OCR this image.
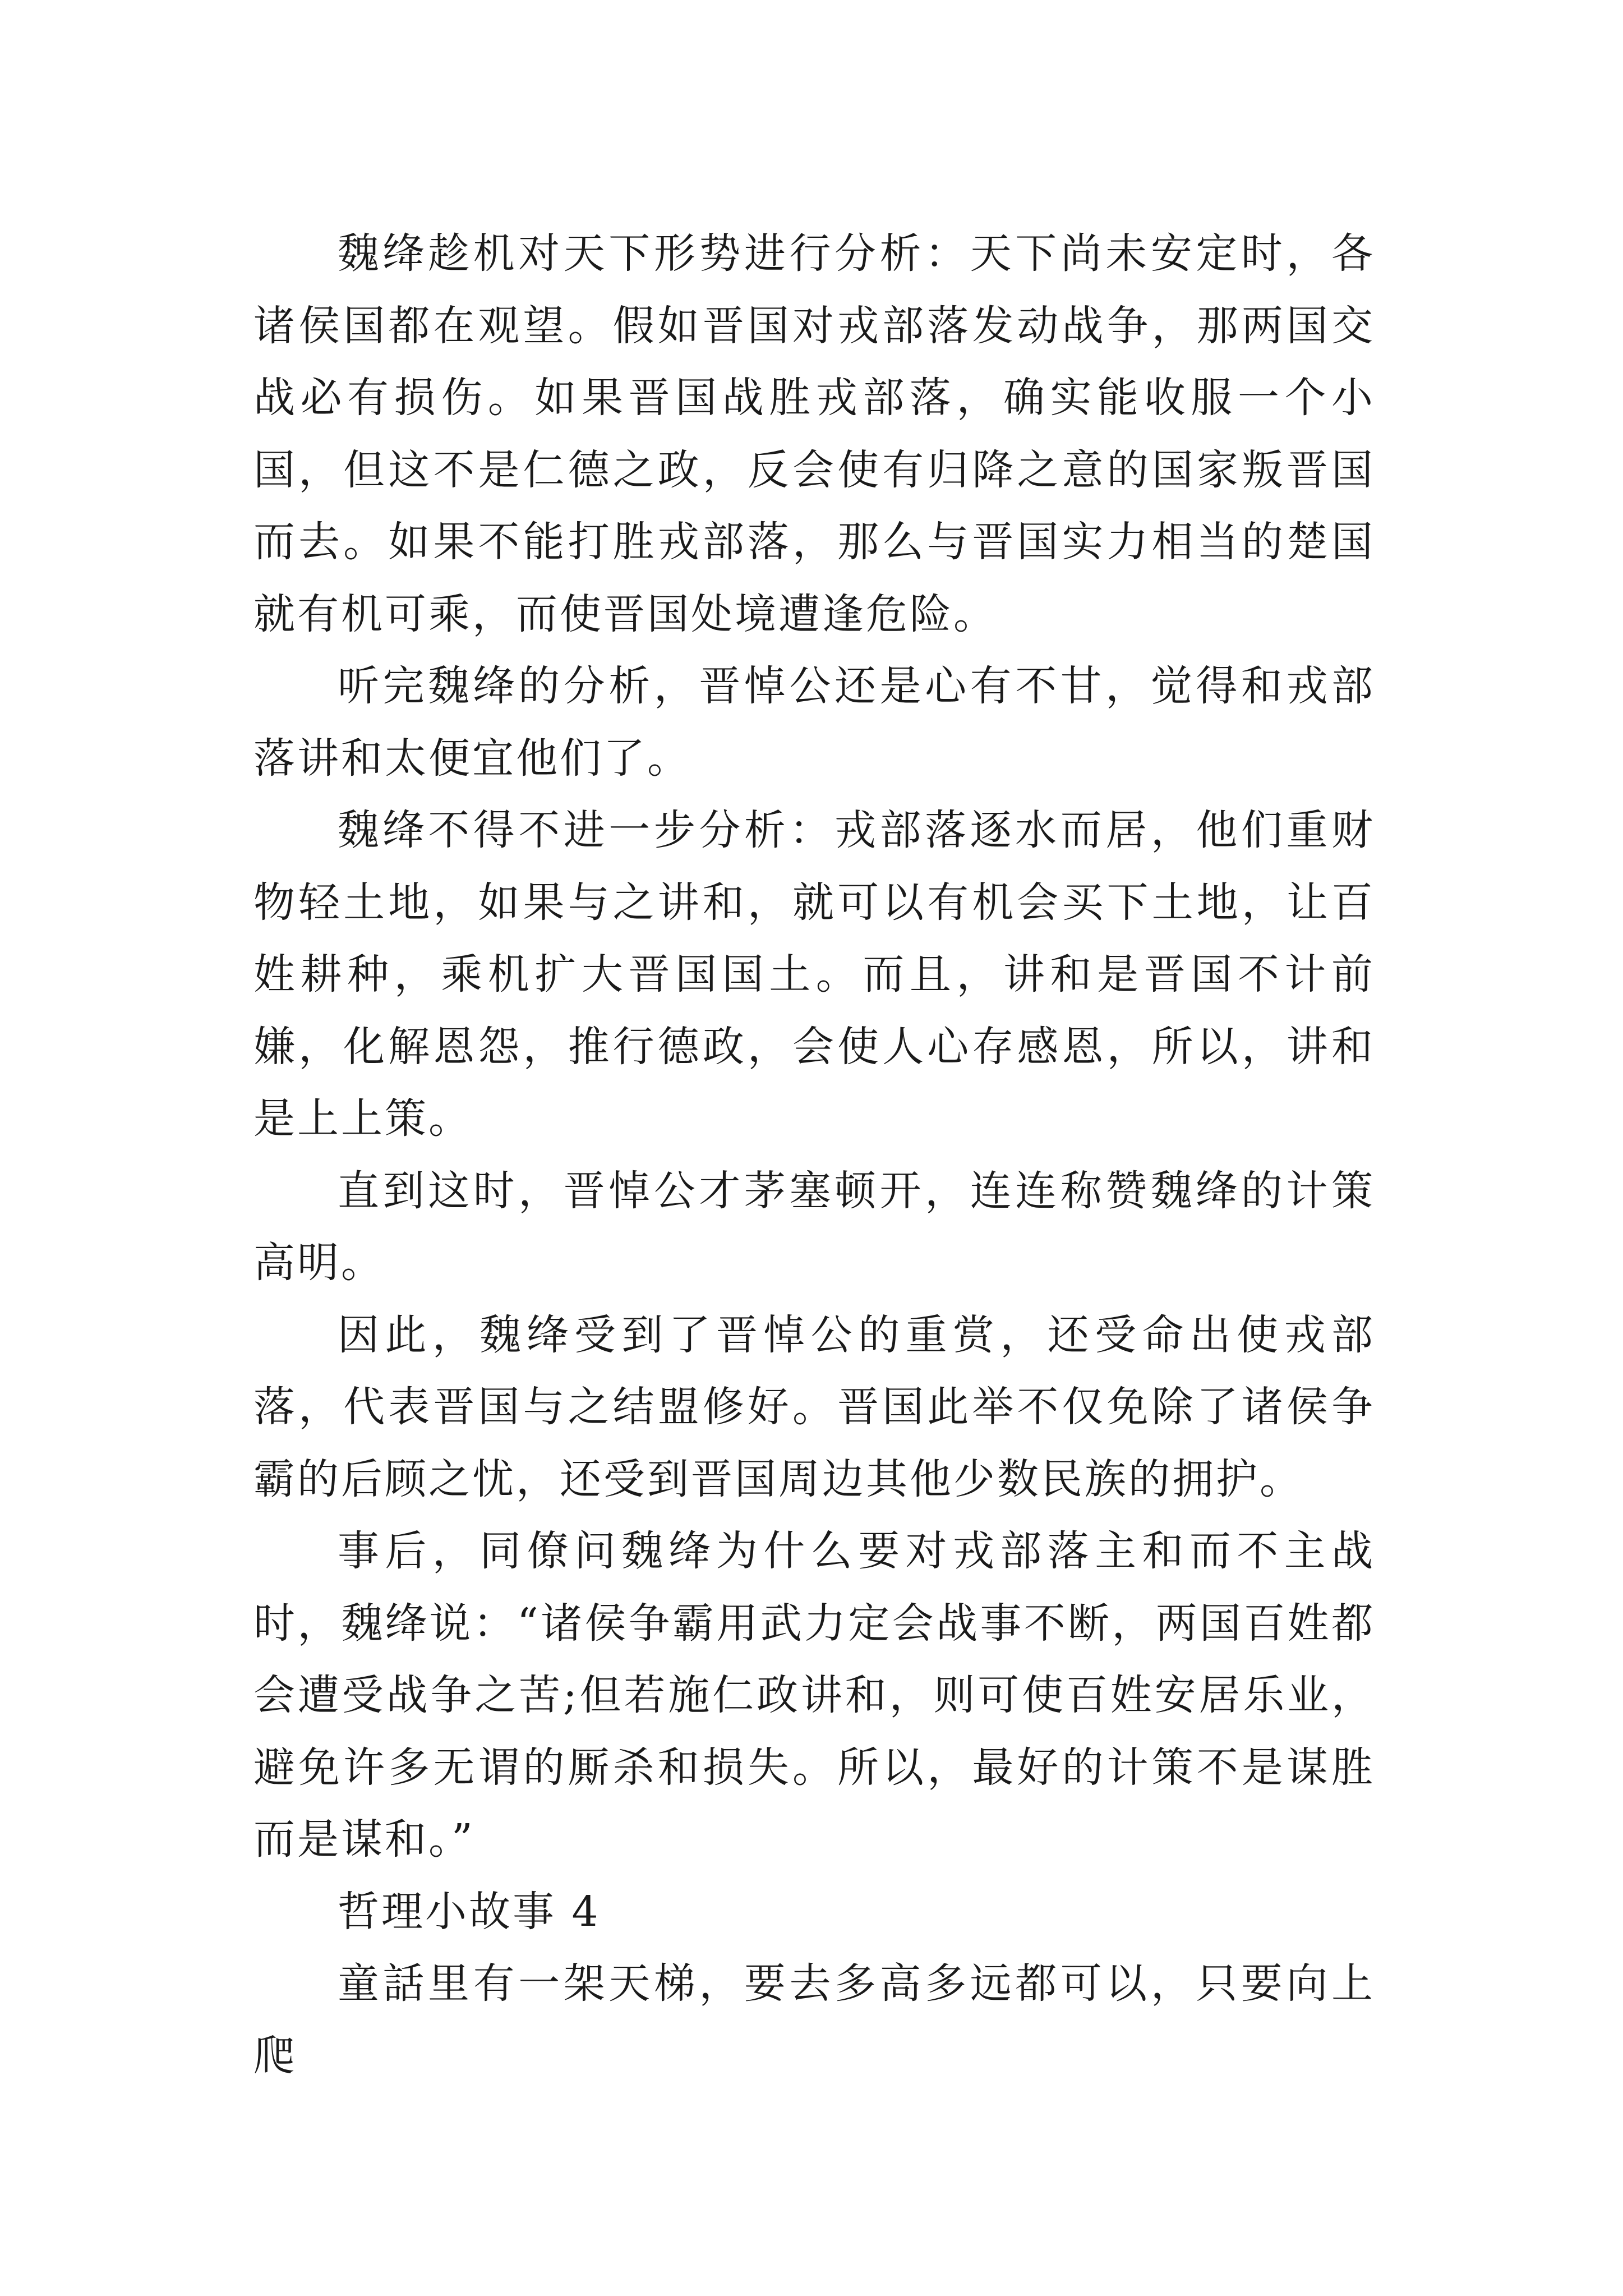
魏绛趁机对天下形势进行分析：天下尚未安定时，各诸侯国都在观望。假如晋国对戎部落发动战争，那两国交战必有损伤。如果晋国战胜戎部落，确实能收服一个小国，但这不是仁德之政，反会使有归降之意的国家叛晋国而去。如果不能打胜戎部落，那么与晋国实力相当的楚国就有机可乘，而使晋国处境遭逢危险。

听完魏绛的分析，晋悼公还是心有不甘，觉得和戎部落讲和太便宜他们了。

魏绛不得不进一步分析：戎部落逐水而居，他们重财物轻土地，如果与之讲和，就可以有机会买下土地，让百姓耕种，乘机扩大晋国国土。而且，讲和是晋国不计前嫌，化解恩怨，推行德政，会使人心存感恩，所以，讲和是上上策。

直到这时，晋悼公才茅塞顿开，连连称赞魏绛的计策高明。

因此，魏绛受到了晋悼公的重赏，还受命出使戎部落，代表晋国与之结盟修好。晋国此举不仅免除了诸侯争霸的后顾之忧，还受到晋国周边其他少数民族的拥护。

事后，同僚问魏绛为什么要对戎部落主和而不主战时，魏绛说：“诸侯争霸用武力定会战事不断，两国百姓都会遭受战争之苦;但若施仁政讲和，则可使百姓安居乐业，避免许多无谓的厮杀和损失。所以，最好的计策不是谋胜而是谋和。”

哲理小故事 4

童話里有一架天梯，要去多高多远都可以，只要向上爬
